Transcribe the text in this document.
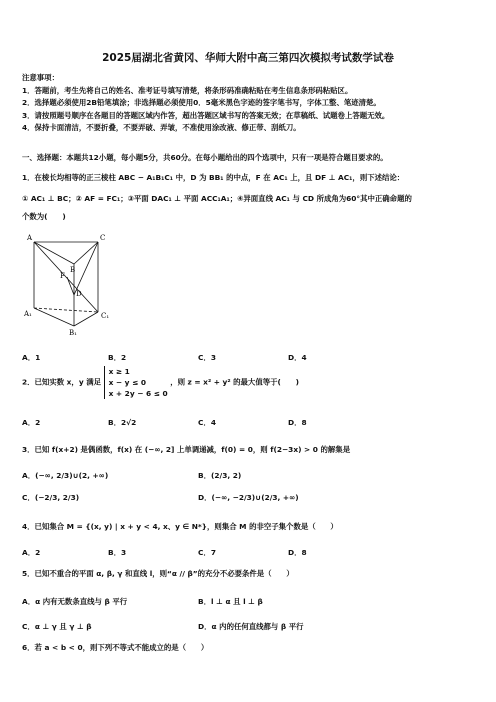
2025届湖北省黄冈、华师大附中高三第四次模拟考试数学试卷
注意事项：
1．答题前，考生先将自己的姓名、准考证号填写清楚，将条形码准确粘贴在考生信息条形码粘贴区。
2．选择题必须使用2B铅笔填涂；非选择题必须使用0．5毫米黑色字迹的签字笔书写，字体工整、笔迹清楚。
3．请按照题号顺序在各题目的答题区域内作答，超出答题区域书写的答案无效；在草稿纸、试题卷上答题无效。
4．保持卡面清洁，不要折叠，不要弄破、弄皱，不准使用涂改液、修正带、刮纸刀。
一、选择题：本题共12小题，每小题5分，共60分。在每小题给出的四个选项中，只有一项是符合题目要求的。
1．在棱长均相等的正三棱柱 ABC − A₁B₁C₁ 中，D 为 BB₁ 的中点，F 在 AC₁ 上，且 DF ⊥ AC₁，则下述结论：
① AC₁ ⊥ BC；② AF = FC₁；③平面 DAC₁ ⊥ 平面 ACC₁A₁；④异面直线 AC₁ 与 CD 所成角为60°其中正确命题的
个数为(　　)
A	C
B
F
D
A₁	C₁
B₁
A．1	B．2	C．3	D．4
2．已知实数 x，y 满足
x ≥ 1
x − y ≤ 0
x + 2y − 6 ≤ 0
，则 z = x² + y² 的最大值等于(　　)
A．2	B．2√2	C．4	D．8
3．已知 f(x+2) 是偶函数，f(x) 在 (−∞, 2] 上单调递减，f(0) = 0，则 f(2−3x) > 0 的解集是
A．(−∞, 2/3)∪(2, +∞)	B．(2/3, 2)
C．(−2/3, 2/3)	D．(−∞, −2/3)∪(2/3, +∞)
4．已知集合 M = {(x, y) | x + y < 4, x、y ∈ N*}，则集合 M 的非空子集个数是（　　）
A．2	B．3	C．7	D．8
5．已知不重合的平面 α, β, γ 和直线 l，则“α // β”的充分不必要条件是（　　）
A．α 内有无数条直线与 β 平行	B．l ⊥ α 且 l ⊥ β
C．α ⊥ γ 且 γ ⊥ β	D．α 内的任何直线都与 β 平行
6．若 a < b < 0，则下列不等式不能成立的是（　　）
